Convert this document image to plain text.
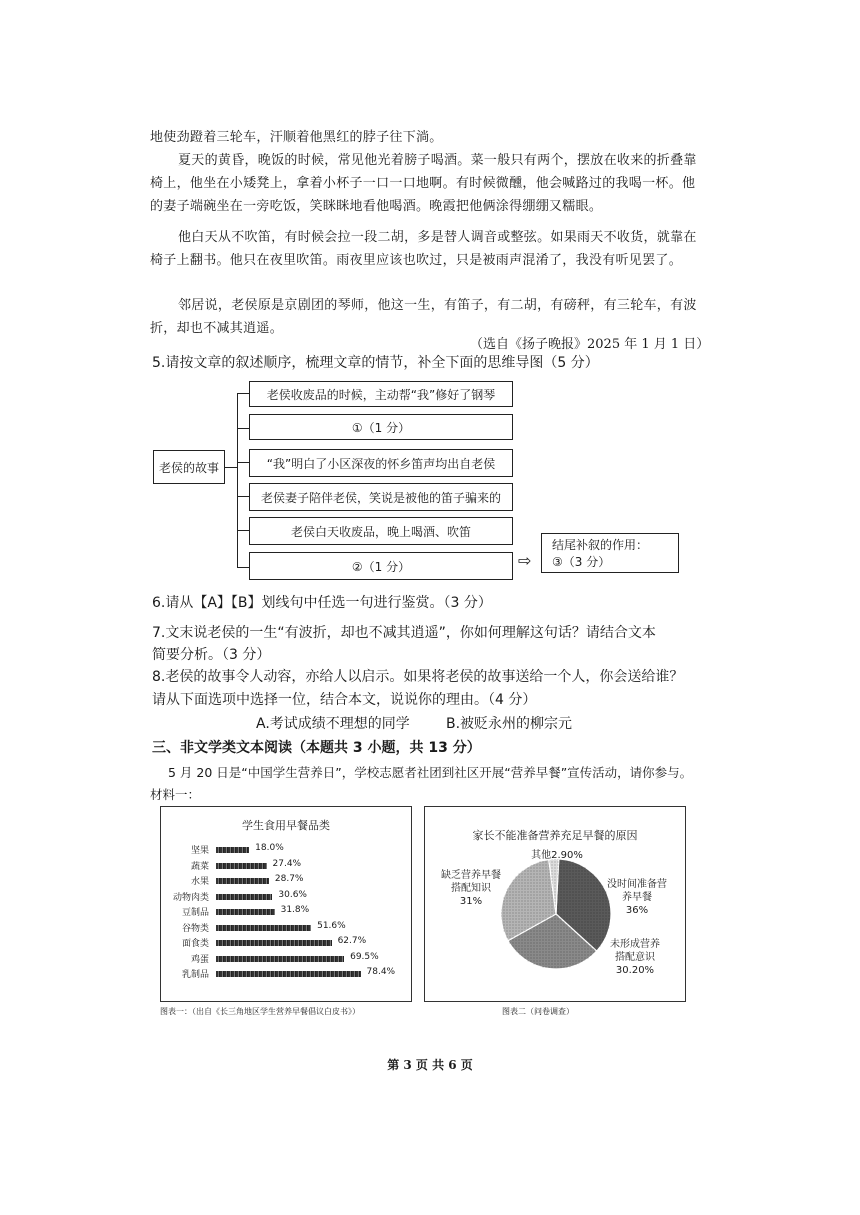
地使劲蹬着三轮车，汗顺着他黑红的脖子往下淌。
夏天的黄昏，晚饭的时候，常见他光着膀子喝酒。菜一般只有两个，摆放在收来的折叠靠椅上，他坐在小矮凳上，拿着小杯子一口一口地啊。有时候微醺，他会喊路过的我喝一杯。他的妻子端碗坐在一旁吃饭，笑眯眯地看他喝酒。晚霞把他俩涂得绷绷又糯眼。
他白天从不吹笛，有时候会拉一段二胡，多是替人调音或整弦。如果雨天不收货，就靠在椅子上翻书。他只在夜里吹笛。雨夜里应该也吹过，只是被雨声混淆了，我没有听见罢了。
邻居说，老侯原是京剧团的琴师，他这一生，有笛子，有二胡，有磅秤，有三轮车，有波折，却也不减其逍遥。
（选自《扬子晚报》2025 年 1 月 1 日）
5.请按文章的叙述顺序，梳理文章的情节，补全下面的思维导图（5 分）
老侯的故事
老侯收废品的时候，主动帮“我”修好了钢琴
①（1 分）
“我”明白了小区深夜的怀乡笛声均出自老侯
老侯妻子陪伴老侯，笑说是被他的笛子骗来的
老侯白天收废品，晚上喝酒、吹笛
②（1 分）	⇨
结尾补叙的作用：
③（3 分）
6.请从【A】【B】划线句中任选一句进行鉴赏。（3 分）
7.文末说老侯的一生“有波折，却也不减其逍遥”，你如何理解这句话？请结合文本
简要分析。（3 分）
8.老侯的故事令人动容，亦给人以启示。如果将老侯的故事送给一个人，你会送给谁？
请从下面选项中选择一位，结合本文，说说你的理由。（4 分）
A.考试成绩不理想的同学	B.被贬永州的柳宗元
三、非文学类文本阅读（本题共 3 小题，共 13 分）
5 月 20 日是“中国学生营养日”，学校志愿者社团到社区开展“营养早餐”宣传活动，请你参与。
材料一：
学生食用早餐品类
坚果	18.0%
蔬菜	27.4%
水果	28.7%
动物肉类	30.6%
豆制品	31.8%
谷物类	51.6%
面食类	62.7%
鸡蛋	69.5%
乳制品	78.4%
图表一：（出自《长三角地区学生营养早餐倡议白皮书》）
家长不能准备营养充足早餐的原因
没时间准备营
养早餐
36%
未形成营养
搭配意识
30.20%
缺乏营养早餐
搭配知识
31%
其他2.90%
图表二（问卷调查）
第 3 页 共 6 页
